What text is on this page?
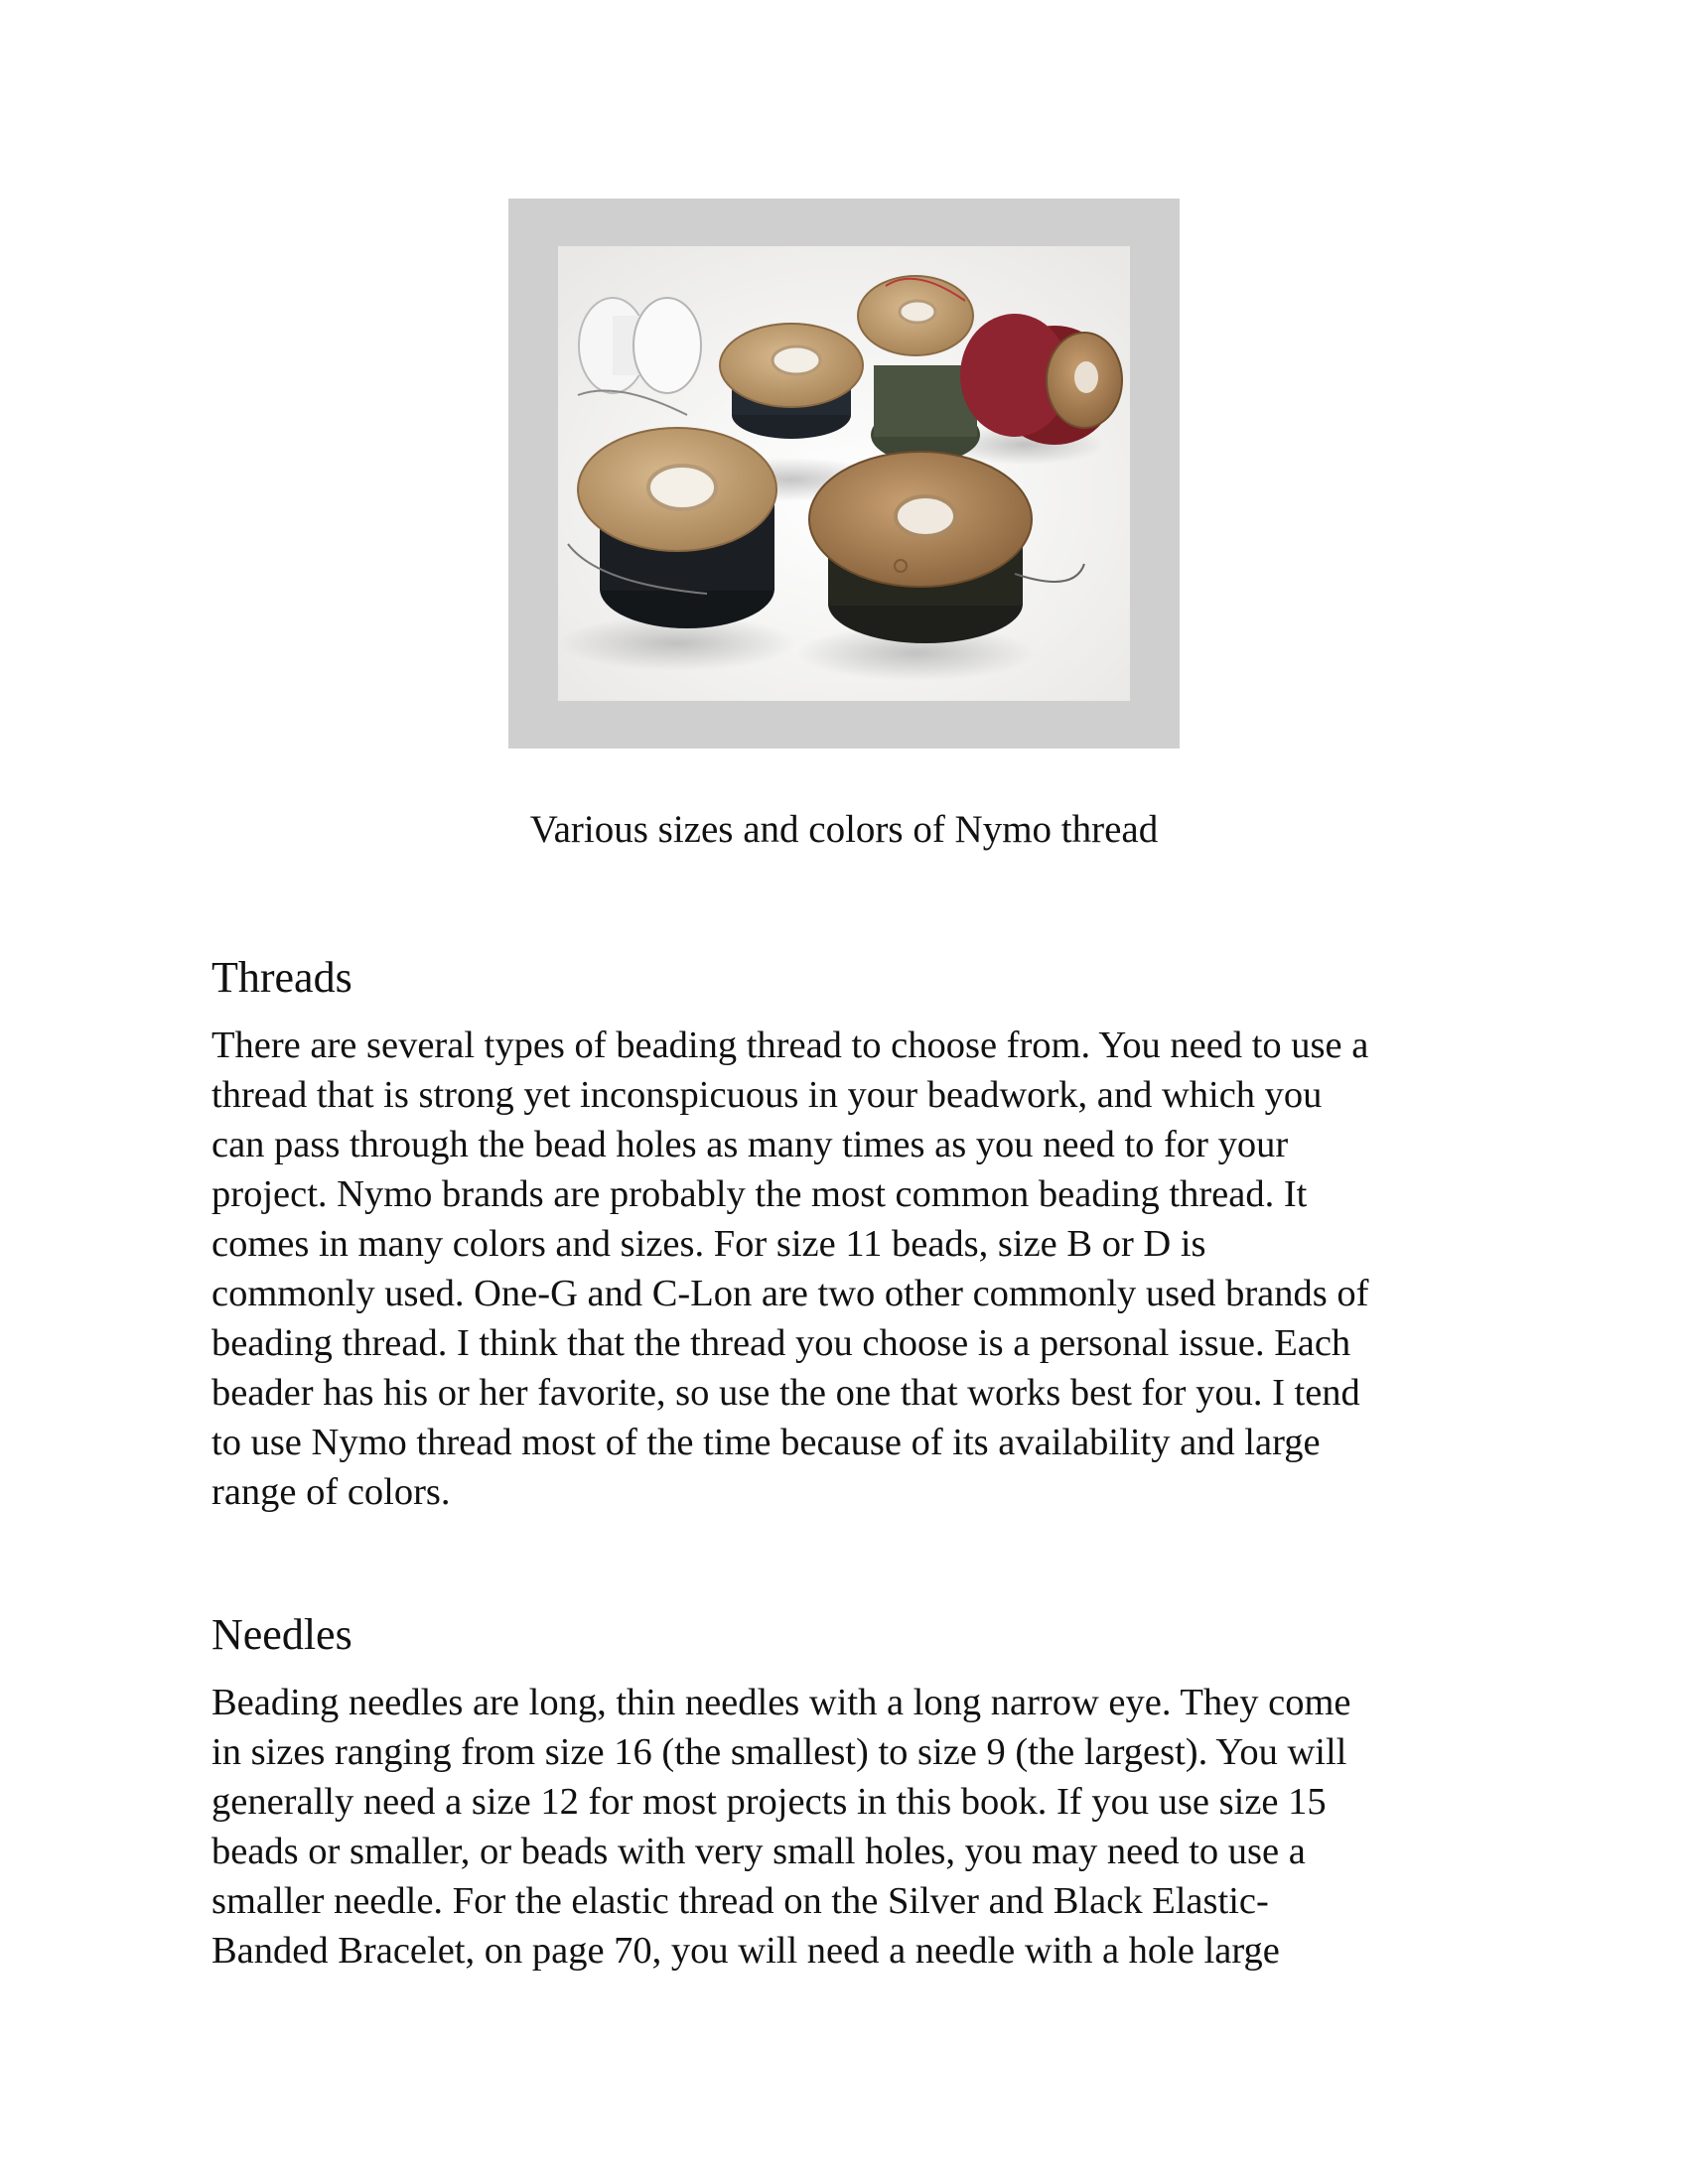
Various sizes and colors of Nymo thread

Threads

There are several types of beading thread to choose from. You need to use a
thread that is strong yet inconspicuous in your beadwork, and which you
can pass through the bead holes as many times as you need to for your
project. Nymo brands are probably the most common beading thread. It
comes in many colors and sizes. For size 11 beads, size B or D is
commonly used. One-G and C-Lon are two other commonly used brands of
beading thread. I think that the thread you choose is a personal issue. Each
beader has his or her favorite, so use the one that works best for you. I tend
to use Nymo thread most of the time because of its availability and large
range of colors.

Needles

Beading needles are long, thin needles with a long narrow eye. They come
in sizes ranging from size 16 (the smallest) to size 9 (the largest). You will
generally need a size 12 for most projects in this book. If you use size 15
beads or smaller, or beads with very small holes, you may need to use a
smaller needle. For the elastic thread on the Silver and Black Elastic-
Banded Bracelet, on page 70, you will need a needle with a hole large
